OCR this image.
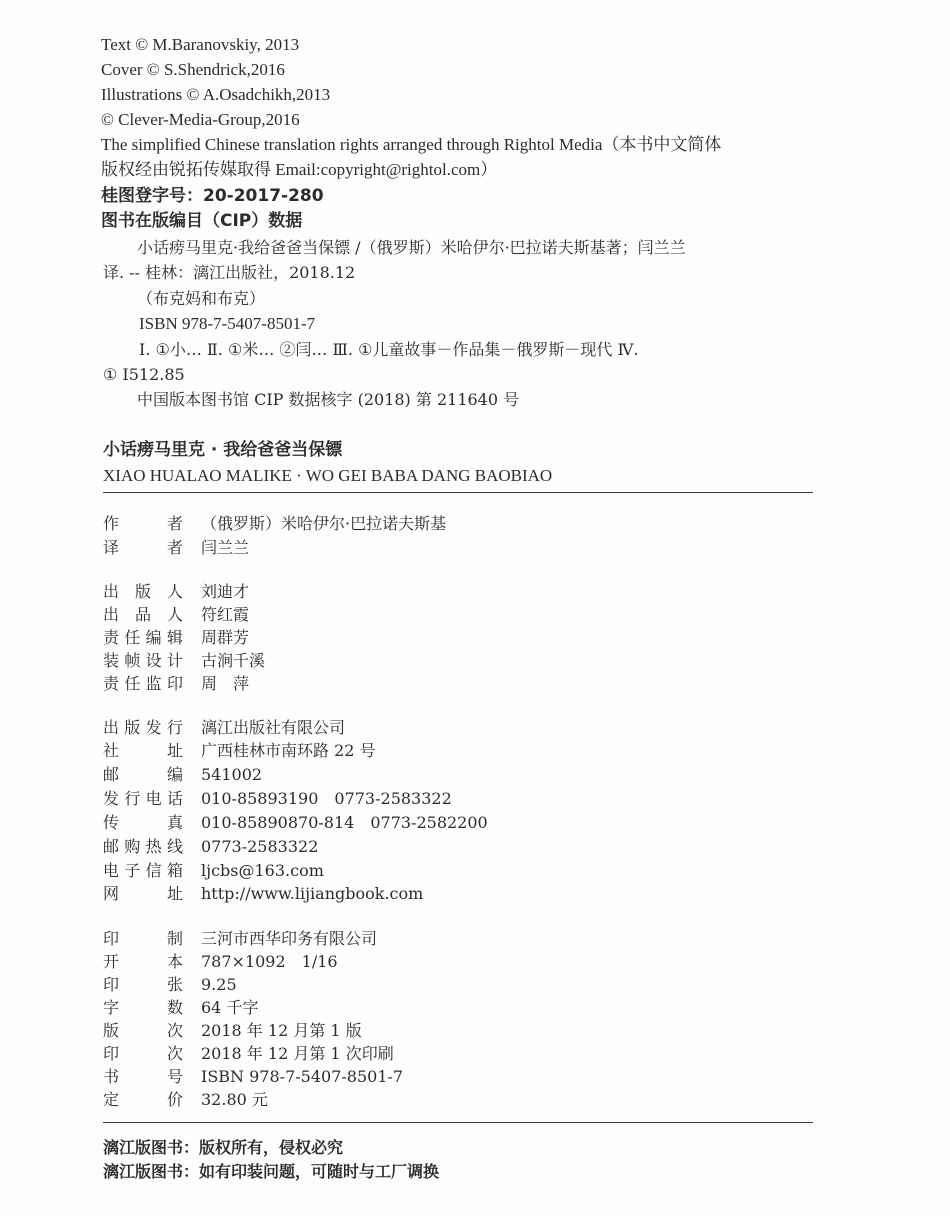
Text © M.Baranovskiy, 2013
Cover © S.Shendrick,2016
Illustrations © A.Osadchikh,2013
© Clever-Media-Group,2016
The simplified Chinese translation rights arranged through Rightol Media（本书中文简体
版权经由锐拓传媒取得 Email:copyright@rightol.com）
桂图登字号：20-2017-280
图书在版编目（CIP）数据
小话痨马里克·我给爸爸当保镖 /（俄罗斯）米哈伊尔·巴拉诺夫斯基著；闫兰兰
译. -- 桂林：漓江出版社，2018.12
（布克妈和布克）
ISBN 978-7-5407-8501-7
Ⅰ. ①小… Ⅱ. ①米… ②闫… Ⅲ. ①儿童故事－作品集－俄罗斯－现代 Ⅳ.
① I512.85
中国版本图书馆 CIP 数据核字 (2018) 第 211640 号
小话痨马里克 · 我给爸爸当保镖
XIAO HUALAO MALIKE · WO GEI BABA DANG BAOBIAO
作	者 （俄罗斯）米哈伊尔·巴拉诺夫斯基
译	者 闫兰兰
出 版 人 刘迪才
出 品 人 符红霞
责 任 编 辑 周群芳
装 帧 设 计 古涧千溪
责 任 监 印 周　萍
出 版 发 行 漓江出版社有限公司
社	址 广西桂林市南环路 22 号
邮	编 541002
发 行 电 话 010-85893190　0773-2583322
传	真 010-85890870-814　0773-2582200
邮 购 热 线 0773-2583322
电 子 信 箱 ljcbs@163.com
网	址 http://www.lijiangbook.com
印	制 三河市西华印务有限公司
开	本 787×1092　1/16
印	张 9.25
字	数 64 千字
版	次 2018 年 12 月第 1 版
印	次 2018 年 12 月第 1 次印刷
书	号 ISBN 978-7-5407-8501-7
定	价 32.80 元
漓江版图书：版权所有，侵权必究
漓江版图书：如有印装问题，可随时与工厂调换
